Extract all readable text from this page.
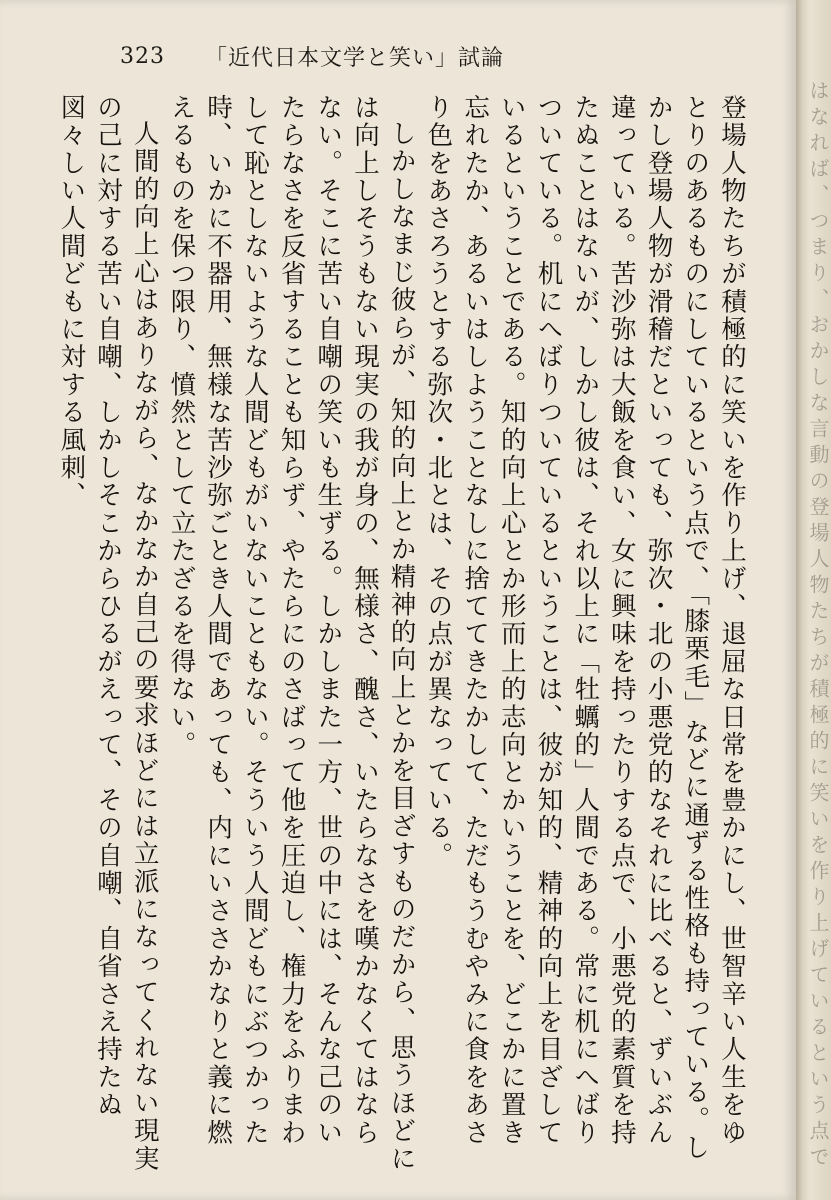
323 「近代日本文学と笑い」試論

登場人物たちが積極的に笑いを作り上げ、退屈な日常を豊かにし、世智辛い人生をゆとりのあるものにしているという点で、「膝栗毛」などに通ずる性格も持っている。しかし登場人物が滑稽だといっても、弥次・北の小悪党的なそれに比べると、ずいぶん違っている。苦沙弥は大飯を食い、女に興味を持ったりする点で、小悪党的素質を持たぬことはないが、しかし彼は、それ以上に「牡蠣的」人間である。常に机にへばりついている。机にへばりついているということは、彼が知的、精神的向上を目ざしているということである。知的向上心とか形而上的志向とかいうことを、どこかに置き忘れたか、あるいはしようことなしに捨ててきたかして、ただもうむやみに食をあさり色をあさろうとする弥次・北とは、その点が異なっている。

しかしなまじ彼らが、知的向上とか精神的向上とかを目ざすものだから、思うほどには向上しそうもない現実の我が身の、無様さ、醜さ、いたらなさを嘆かなくてはならない。そこに苦い自嘲の笑いも生ずる。しかしまた一方、世の中には、そんな己のいたらなさを反省することも知らず、やたらにのさばって他を圧迫し、権力をふりまわして恥としないような人間どもがいないこともない。そういう人間どもにぶつかった時、いかに不器用、無様な苦沙弥ごとき人間であっても、内にいささかなりと義に燃えるものを保つ限り、憤然として立たざるを得ない。

人間的向上心はありながら、なかなか自己の要求ほどには立派になってくれない現実の己に対する苦い自嘲、しかしそこからひるがえって、その自嘲、自省さえ持たぬ図々しい人間どもに対する風刺、	はなれば、つまり、おかしな言動の登場人物たちが積極的に笑いを作り上げているという点で
